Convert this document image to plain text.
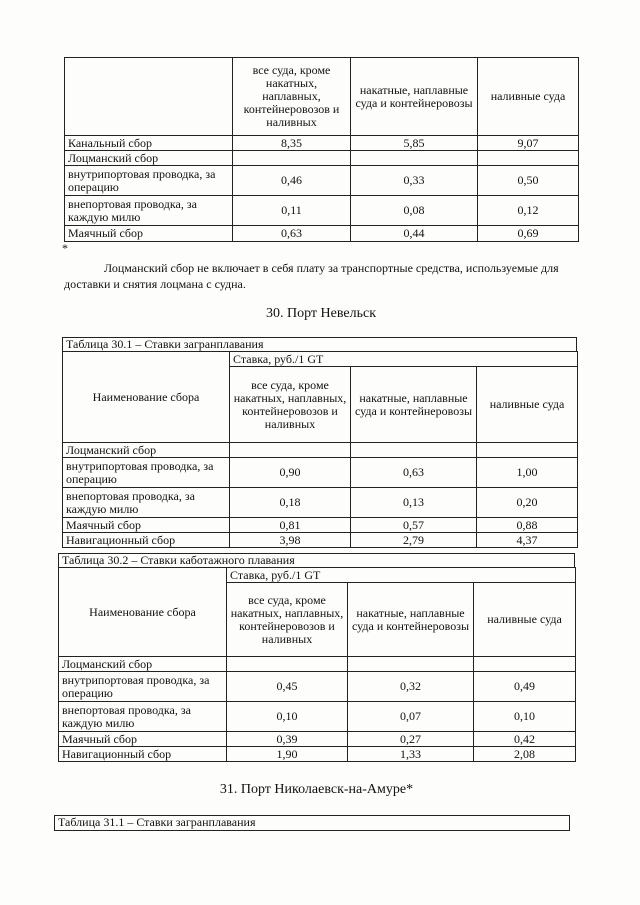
	все суда, кроме накатных, наплавных, контейнеровозов и наливных	накатные, наплавные суда и контейнеровозы	наливные суда
Канальный сбор	8,35	5,85	9,07
Лоцманский сбор			
внутрипортовая проводка, за операцию	0,46	0,33	0,50
внепортовая проводка, за каждую милю	0,11	0,08	0,12
Маячный сбор	0,63	0,44	0,69
*
Лоцманский сбор не включает в себя плату за транспортные средства, используемые для доставки и снятия лоцмана с судна.
30. Порт Невельск
Таблица 30.1 – Ставки загранплавания
Наименование сбора	Ставка, руб./1 GT		
	все суда, кроме накатных, наплавных, контейнеровозов и наливных	накатные, наплавные суда и контейнеровозы	наливные суда
Лоцманский сбор			
внутрипортовая проводка, за операцию	0,90	0,63	1,00
внепортовая проводка, за каждую милю	0,18	0,13	0,20
Маячный сбор	0,81	0,57	0,88
Навигационный сбор	3,98	2,79	4,37
Таблица 30.2 – Ставки каботажного плавания
Наименование сбора	Ставка, руб./1 GT		
	все суда, кроме накатных, наплавных, контейнеровозов и наливных	накатные, наплавные суда и контейнеровозы	наливные суда
Лоцманский сбор			
внутрипортовая проводка, за операцию	0,45	0,32	0,49
внепортовая проводка, за каждую милю	0,10	0,07	0,10
Маячный сбор	0,39	0,27	0,42
Навигационный сбор	1,90	1,33	2,08
31. Порт Николаевск-на-Амуре*
Таблица 31.1 – Ставки загранплавания
